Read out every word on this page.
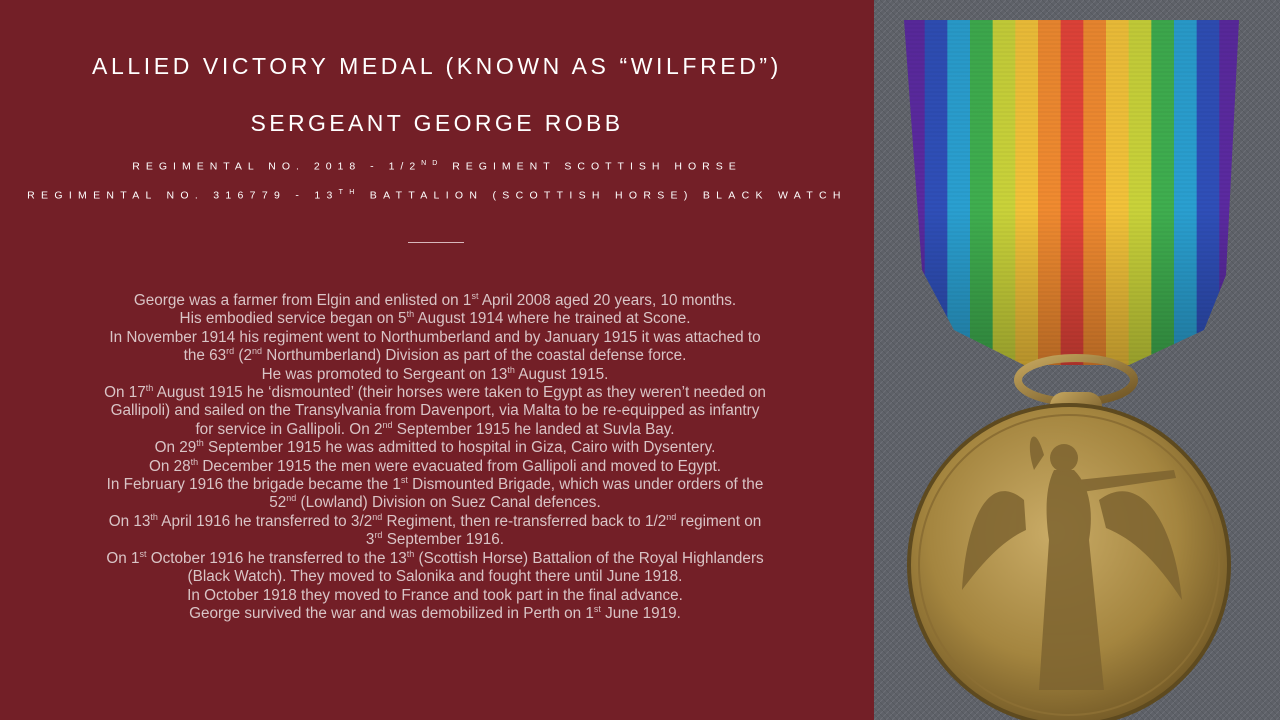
ALLIED VICTORY MEDAL (KNOWN AS “WILFRED”)
SERGEANT GEORGE ROBB
REGIMENTAL NO. 2018 - 1/2ND REGIMENT SCOTTISH HORSE
REGIMENTAL NO. 316779 - 13TH BATTALION (SCOTTISH HORSE) BLACK WATCH

George was a farmer from Elgin and enlisted on 1st April 2008 aged 20 years, 10 months.

His embodied service began on 5th August 1914 where he trained at Scone.

In November 1914 his regiment went to Northumberland and by January 1915 it was attached to

the 63rd (2nd Northumberland) Division as part of the coastal defense force.

He was promoted to Sergeant on 13th August 1915.

On 17th August 1915 he ‘dismounted’ (their horses were taken to Egypt as they weren’t needed on

Gallipoli) and sailed on the Transylvania from Davenport, via Malta to be re-equipped as infantry

for service in Gallipoli. On 2nd September 1915 he landed at Suvla Bay.

On 29th September 1915 he was admitted to hospital in Giza, Cairo with Dysentery.

On 28th December 1915 the men were evacuated from Gallipoli and moved to Egypt.

In February 1916 the brigade became the 1st Dismounted Brigade, which was under orders of the

52nd (Lowland) Division on Suez Canal defences.

On 13th April 1916 he transferred to 3/2nd Regiment, then re-transferred back to 1/2nd regiment on

3rd September 1916.

On 1st October 1916 he transferred to the 13th (Scottish Horse) Battalion of the Royal Highlanders

(Black Watch). They moved to Salonika and fought there until June 1918.

In October 1918 they moved to France and took part in the final advance.

George survived the war and was demobilized in Perth on 1st June 1919.
